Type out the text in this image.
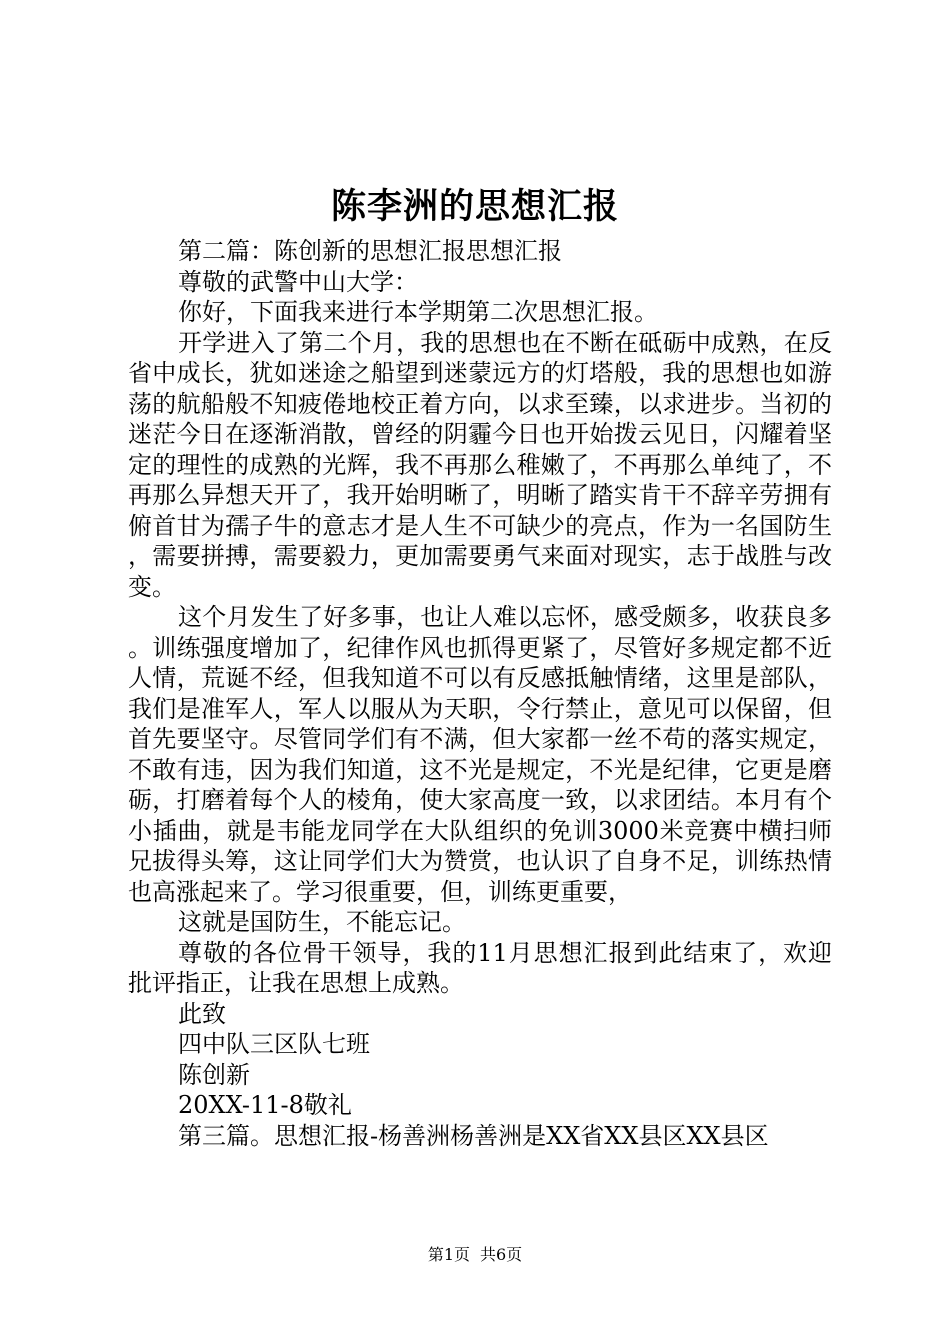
陈李洲的思想汇报

第二篇：陈创新的思想汇报思想汇报

尊敬的武警中山大学：

你好，下面我来进行本学期第二次思想汇报。

开学进入了第二个月，我的思想也在不断在砥砺中成熟，在反省中成长，犹如迷途之船望到迷蒙远方的灯塔般，我的思想也如游荡的航船般不知疲倦地校正着方向，以求至臻，以求进步。当初的迷茫今日在逐渐消散，曾经的阴霾今日也开始拨云见日，闪耀着坚定的理性的成熟的光辉，我不再那么稚嫩了，不再那么单纯了，不再那么异想天开了，我开始明晰了，明晰了踏实肯干不辞辛劳拥有俯首甘为孺子牛的意志才是人生不可缺少的亮点，作为一名国防生，需要拼搏，需要毅力，更加需要勇气来面对现实，志于战胜与改变。

这个月发生了好多事，也让人难以忘怀，感受颇多，收获良多。训练强度增加了，纪律作风也抓得更紧了，尽管好多规定都不近人情，荒诞不经，但我知道不可以有反感抵触情绪，这里是部队，我们是准军人，军人以服从为天职，令行禁止，意见可以保留，但首先要坚守。尽管同学们有不满，但大家都一丝不苟的落实规定，不敢有违，因为我们知道，这不光是规定，不光是纪律，它更是磨砺，打磨着每个人的棱角，使大家高度一致，以求团结。本月有个小插曲，就是韦能龙同学在大队组织的免训3000米竞赛中横扫师兄拔得头筹，这让同学们大为赞赏，也认识了自身不足，训练热情也高涨起来了。学习很重要，但，训练更重要，

这就是国防生，不能忘记。

尊敬的各位骨干领导，我的11月思想汇报到此结束了，欢迎批评指正，让我在思想上成熟。

此致

四中队三区队七班

陈创新

20XX-11-8敬礼

第三篇。思想汇报-杨善洲杨善洲是XX省XX县区XX县区

第1页 共6页
